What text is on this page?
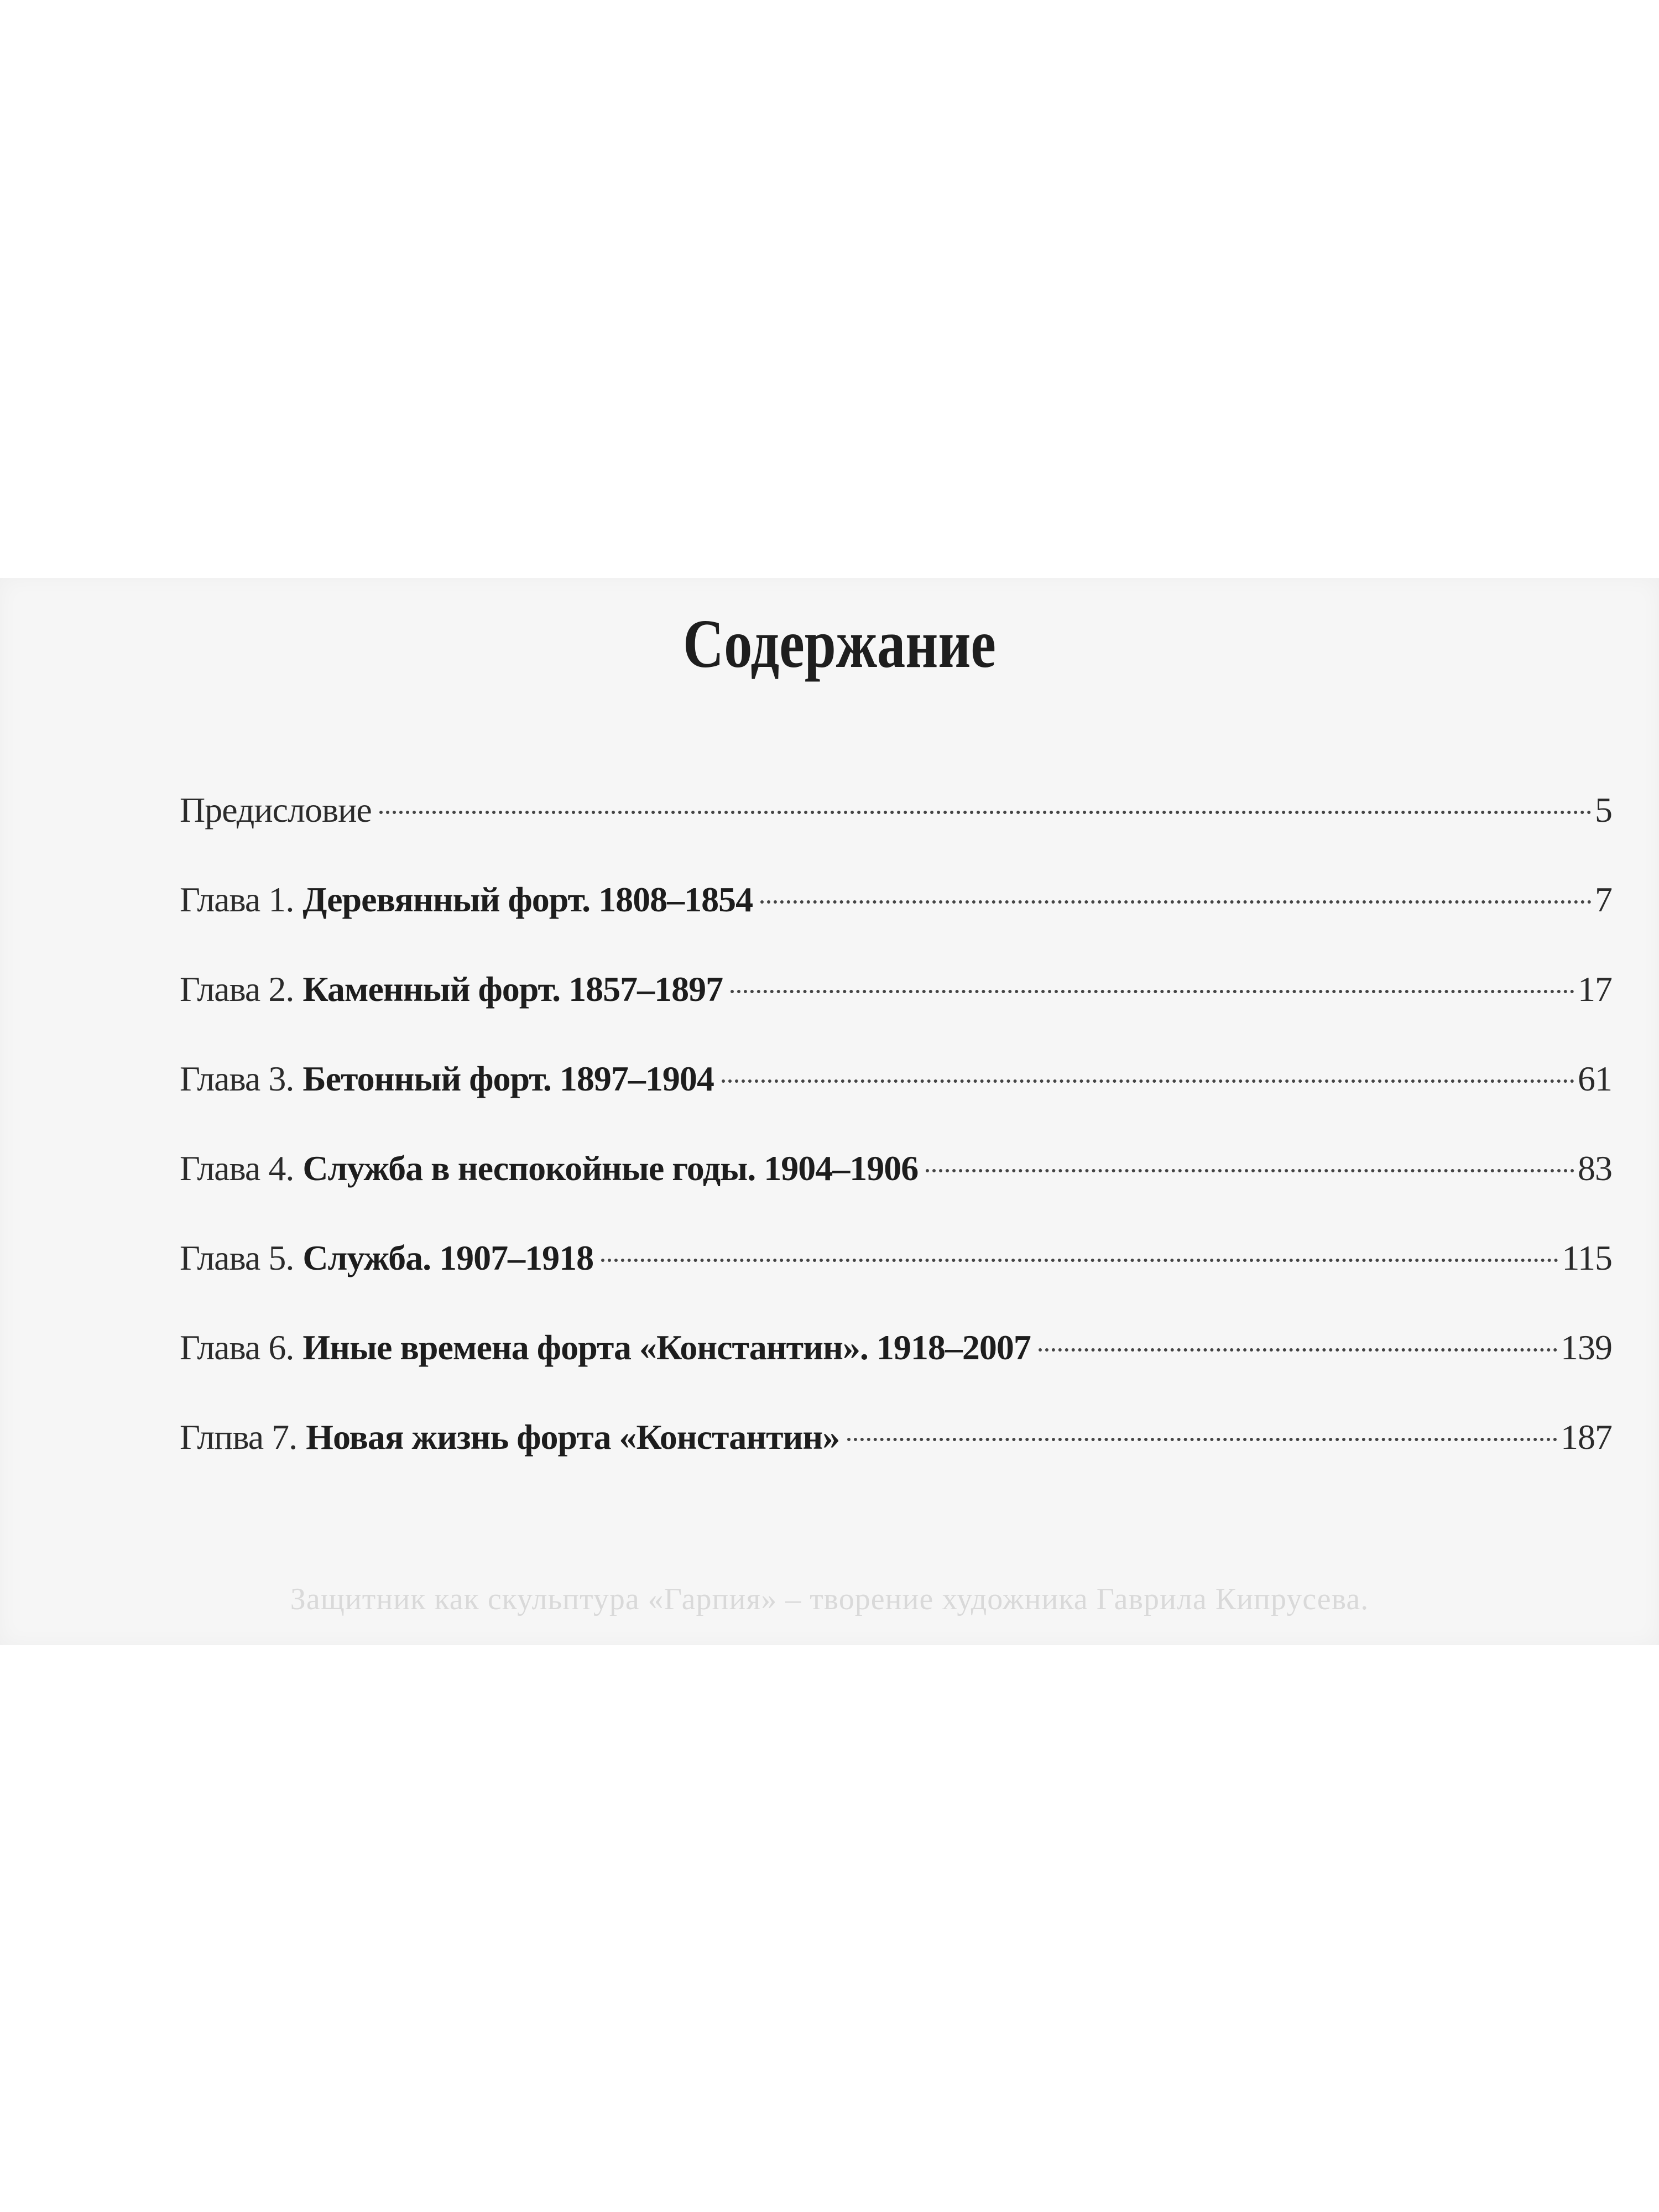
Содержание
Предисловие	5
Глава 1. Деревянный форт. 1808–1854	7
Глава 2. Каменный форт. 1857–1897	17
Глава 3. Бетонный форт. 1897–1904	61
Глава 4. Служба в неспокойные годы. 1904–1906	83
Глава 5. Служба. 1907–1918	115
Глава 6. Иные времена форта «Константин». 1918–2007	139
Глпва 7. Новая жизнь форта «Константин»	187
Защитник как скульптура «Гарпия» – творение художника Гаврила Кипрусева.
